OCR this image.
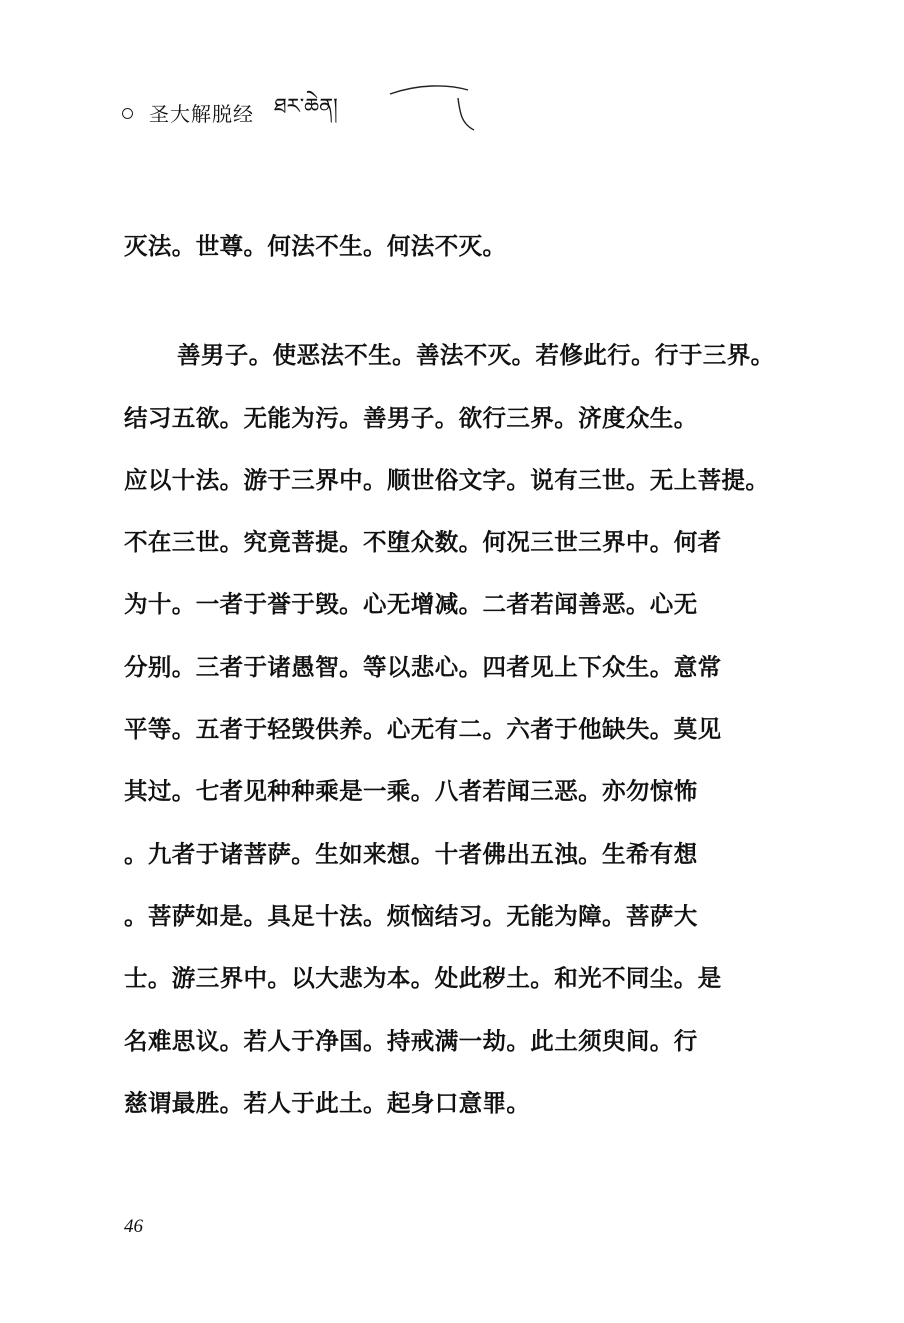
圣大解脱经 ཐར་ཆེན།
灭法。世尊。何法不生。何法不灭。
善男子。使恶法不生。善法不灭。若修此行。行于三界。
结习五欲。无能为污。善男子。欲行三界。济度众生。
应以十法。游于三界中。顺世俗文字。说有三世。无上菩提。
不在三世。究竟菩提。不堕众数。何况三世三界中。何者
为十。一者于誉于毁。心无增减。二者若闻善恶。心无
分别。三者于诸愚智。等以悲心。四者见上下众生。意常
平等。五者于轻毁供养。心无有二。六者于他缺失。莫见
其过。七者见种种乘是一乘。八者若闻三恶。亦勿惊怖
。九者于诸菩萨。生如来想。十者佛出五浊。生希有想
。菩萨如是。具足十法。烦恼结习。无能为障。菩萨大
士。游三界中。以大悲为本。处此秽土。和光不同尘。是
名难思议。若人于净国。持戒满一劫。此土须臾间。行
慈谓最胜。若人于此土。起身口意罪。
46
